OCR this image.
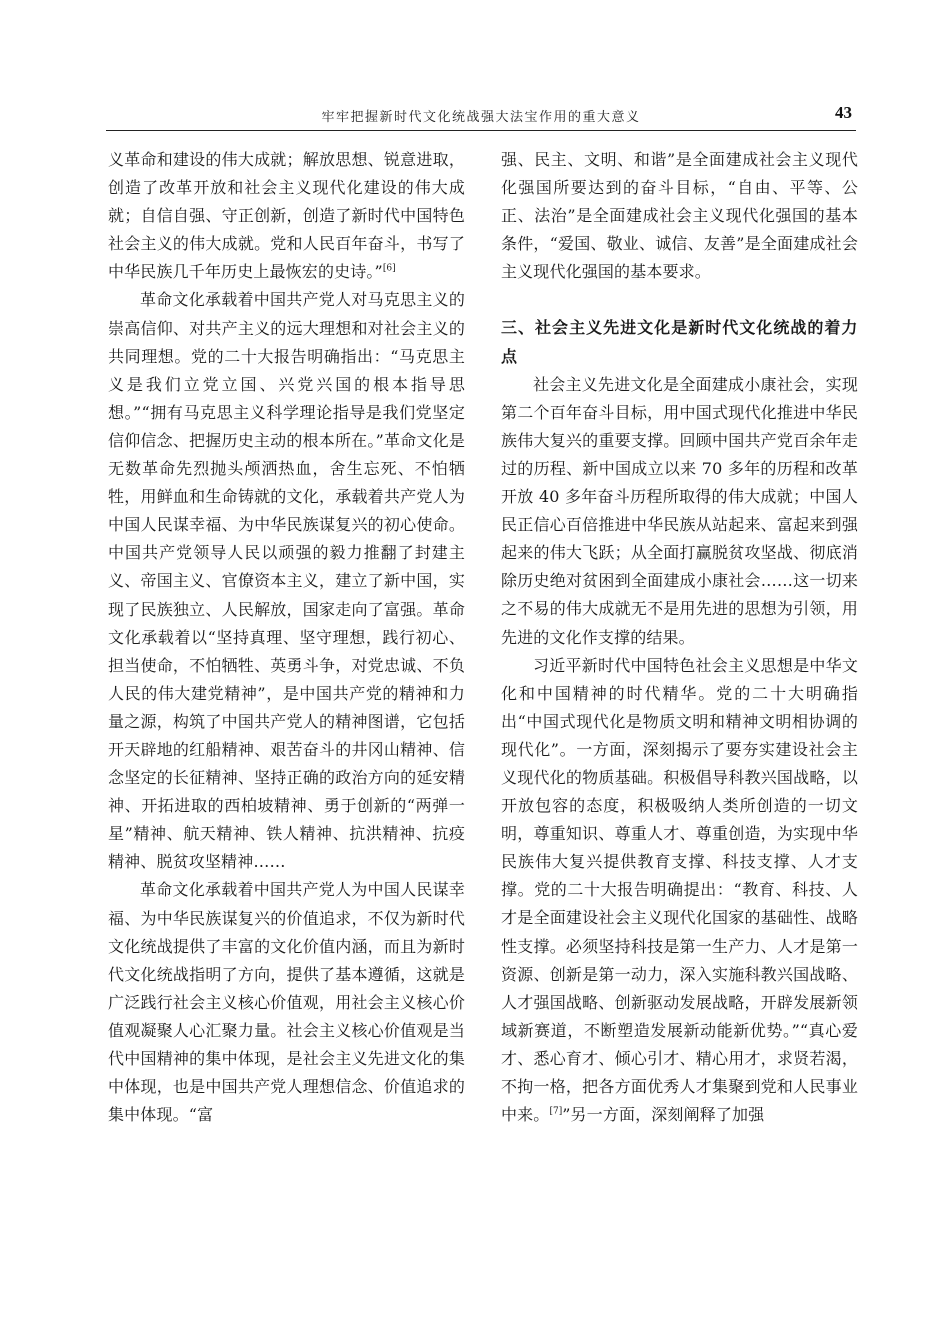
牢牢把握新时代文化统战强大法宝作用的重大意义	43

义革命和建设的伟大成就；解放思想、锐意进取，创造了改革开放和社会主义现代化建设的伟大成就；自信自强、守正创新，创造了新时代中国特色社会主义的伟大成就。党和人民百年奋斗，书写了中华民族几千年历史上最恢宏的史诗。”[6]

革命文化承载着中国共产党人对马克思主义的崇高信仰、对共产主义的远大理想和对社会主义的共同理想。党的二十大报告明确指出：“马克思主义是我们立党立国、兴党兴国的根本指导思想。”“拥有马克思主义科学理论指导是我们党坚定信仰信念、把握历史主动的根本所在。”革命文化是无数革命先烈抛头颅洒热血，舍生忘死、不怕牺牲，用鲜血和生命铸就的文化，承载着共产党人为中国人民谋幸福、为中华民族谋复兴的初心使命。中国共产党领导人民以顽强的毅力推翻了封建主义、帝国主义、官僚资本主义，建立了新中国，实现了民族独立、人民解放，国家走向了富强。革命文化承载着以“坚持真理、坚守理想，践行初心、担当使命，不怕牺牲、英勇斗争，对党忠诚、不负人民的伟大建党精神”，是中国共产党的精神和力量之源，构筑了中国共产党人的精神图谱，它包括开天辟地的红船精神、艰苦奋斗的井冈山精神、信念坚定的长征精神、坚持正确的政治方向的延安精神、开拓进取的西柏坡精神、勇于创新的“两弹一星”精神、航天精神、铁人精神、抗洪精神、抗疫精神、脱贫攻坚精神……

革命文化承载着中国共产党人为中国人民谋幸福、为中华民族谋复兴的价值追求，不仅为新时代文化统战提供了丰富的文化价值内涵，而且为新时代文化统战指明了方向，提供了基本遵循，这就是广泛践行社会主义核心价值观，用社会主义核心价值观凝聚人心汇聚力量。社会主义核心价值观是当代中国精神的集中体现，是社会主义先进文化的集中体现，也是中国共产党人理想信念、价值追求的集中体现。“富

强、民主、文明、和谐”是全面建成社会主义现代化强国所要达到的奋斗目标，“自由、平等、公正、法治”是全面建成社会主义现代化强国的基本条件，“爱国、敬业、诚信、友善”是全面建成社会主义现代化强国的基本要求。

三、社会主义先进文化是新时代文化统战的着力点

社会主义先进文化是全面建成小康社会，实现第二个百年奋斗目标，用中国式现代化推进中华民族伟大复兴的重要支撑。回顾中国共产党百余年走过的历程、新中国成立以来 70 多年的历程和改革开放 40 多年奋斗历程所取得的伟大成就；中国人民正信心百倍推进中华民族从站起来、富起来到强起来的伟大飞跃；从全面打赢脱贫攻坚战、彻底消除历史绝对贫困到全面建成小康社会……这一切来之不易的伟大成就无不是用先进的思想为引领，用先进的文化作支撑的结果。

习近平新时代中国特色社会主义思想是中华文化和中国精神的时代精华。党的二十大明确指出“中国式现代化是物质文明和精神文明相协调的现代化”。一方面，深刻揭示了要夯实建设社会主义现代化的物质基础。积极倡导科教兴国战略，以开放包容的态度，积极吸纳人类所创造的一切文明，尊重知识、尊重人才、尊重创造，为实现中华民族伟大复兴提供教育支撑、科技支撑、人才支撑。党的二十大报告明确提出：“教育、科技、人才是全面建设社会主义现代化国家的基础性、战略性支撑。必须坚持科技是第一生产力、人才是第一资源、创新是第一动力，深入实施科教兴国战略、人才强国战略、创新驱动发展战略，开辟发展新领域新赛道，不断塑造发展新动能新优势。”“真心爱才、悉心育才、倾心引才、精心用才，求贤若渴，不拘一格，把各方面优秀人才集聚到党和人民事业中来。[7]”另一方面，深刻阐释了加强
